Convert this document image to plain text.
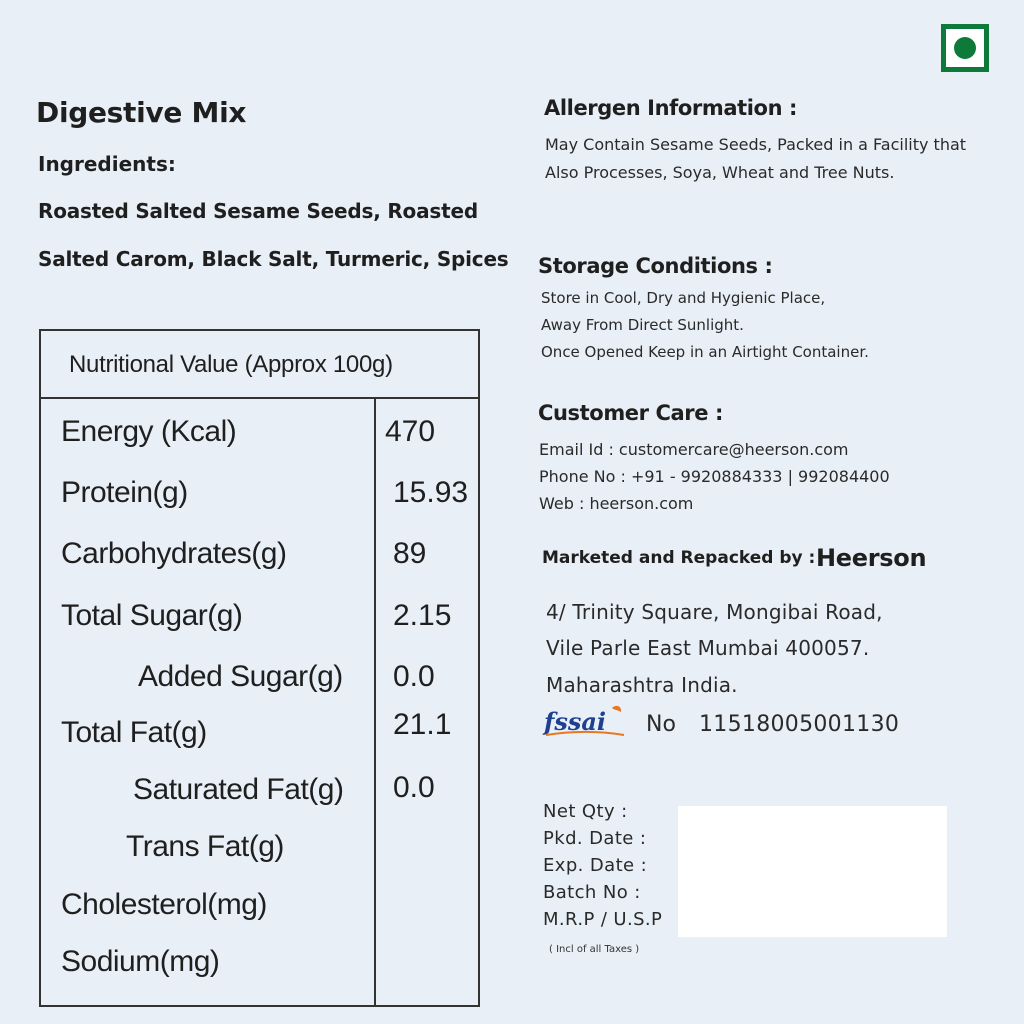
Digestive Mix
Ingredients:
Roasted Salted Sesame Seeds, Roasted
Salted Carom, Black Salt, Turmeric, Spices
Nutritional Value (Approx 100g)
Energy (Kcal)	470
Protein(g)	15.93
Carbohydrates(g)	89
Total Sugar(g)	2.15
Added Sugar(g) 0.0
Total Fat(g)	21.1
Saturated Fat(g) 0.0
Trans Fat(g)
Cholesterol(mg)
Sodium(mg)
Allergen Information :
May Contain Sesame Seeds, Packed in a Facility that
Also Processes, Soya, Wheat and Tree Nuts.
Storage Conditions :
Store in Cool, Dry and Hygienic Place,
Away From Direct Sunlight.
Once Opened Keep in an Airtight Container.
Customer Care :
Email Id : customercare@heerson.com
Phone No : +91 - 9920884333 | 992084400
Web : heerson.com
Marketed and Repacked by : Heerson
4/ Trinity Square, Mongibai Road,
Vile Parle East Mumbai 400057.
Maharashtra India.
fssai No 11518005001130
Net Qty :
Pkd. Date :
Exp. Date :
Batch No :
M.R.P / U.S.P
( Incl of all Taxes )
